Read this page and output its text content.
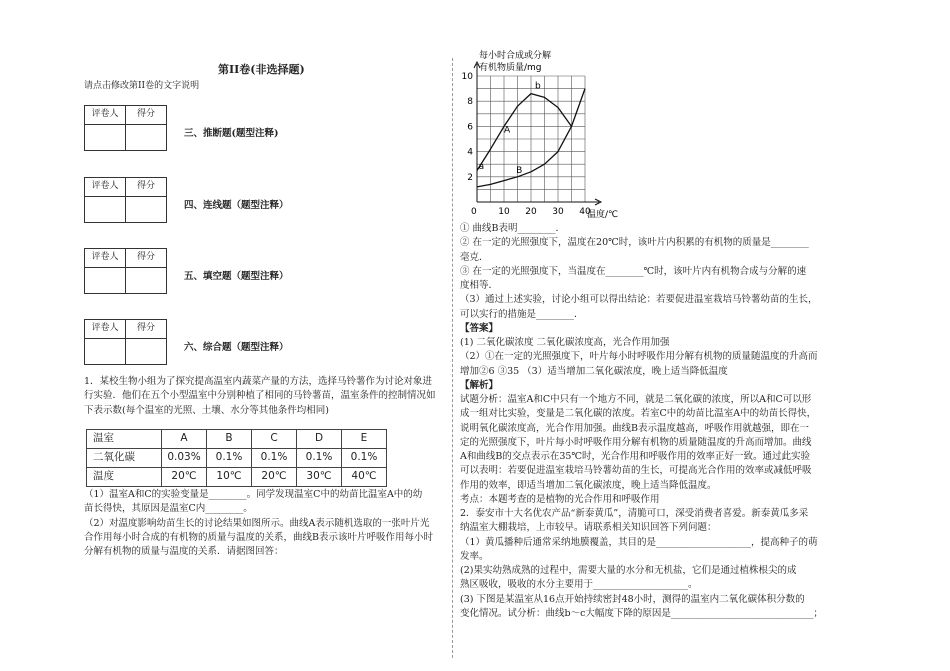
第II卷(非选择题)
请点击修改第II卷的文字说明
评卷人	得分

三、推断题(题型注释)
评卷人	得分

四、连线题（题型注释）
评卷人	得分

五、填空题（题型注释）
评卷人	得分

六、综合题（题型注释）
1．某校生物小组为了探究提高温室内蔬菜产量的方法，选择马铃薯作为讨论对象进
行实验．他们在五个小型温室中分别种植了相同的马铃薯苗，温室条件的控制情况如
下表示数(每个温室的光照、土壤、水分等其他条件均相同)
温室	A	B	C	D	E
二氧化碳	0.03%	0.1%	0.1%	0.1%	0.1%
温度	20℃	10℃	20℃	30℃	40℃
（1）温室A和C的实验变量是________。同学发现温室C中的幼苗比温室A中的幼
苗长得快，其原因是温室C内________。
（2）对温度影响幼苗生长的讨论结果如图所示。曲线A表示随机选取的一张叶片光
合作用每小时合成的有机物的质量与温度的关系，曲线B表示该叶片呼吸作用每小时
分解有机物的质量与温度的关系．请据图回答：
每小时合成或分解
有机物质量/mg
2
4
6
8
10
10 20 30 40
a
b
A
B
温度/℃
0
① 曲线B表明________．
② 在一定的光照强度下，温度在20℃时，该叶片内积累的有机物的质量是________
毫克．
③ 在一定的光照强度下，当温度在________℃时，该叶片内有机物合成与分解的速
度相等．
（3）通过上述实验，讨论小组可以得出结论：若要促进温室栽培马铃薯幼苗的生长，
可以实行的措施是________．
【答案】
(1) 二氧化碳浓度 二氧化碳浓度高，光合作用加强
（2）①在一定的光照强度下，叶片每小时呼吸作用分解有机物的质量随温度的升高而
增加②6 ③35 （3）适当增加二氧化碳浓度，晚上适当降低温度
【解析】
试题分析：温室A和C中只有一个地方不同，就是二氧化碳的浓度，所以A和C可以形
成一组对比实验，变量是二氧化碳的浓度。若室C中的幼苗比温室A中的幼苗长得快，
说明氧化碳浓度高，光合作用加强。曲线B表示温度越高，呼吸作用就越强，即在一
定的光照强度下，叶片每小时呼吸作用分解有机物的质量随温度的升高而增加。曲线
A和曲线B的交点表示在35℃时，光合作用和呼吸作用的效率正好一致。通过此实验
可以表明：若要促进温室栽培马铃薯幼苗的生长，可提高光合作用的效率或减低呼吸
作用的效率，即适当增加二氧化碳浓度，晚上适当降低温度。
考点：本题考查的是植物的光合作用和呼吸作用
2．泰安市十大名优农产品“新泰黄瓜”，清脆可口，深受消费者喜爱。新泰黄瓜多采
纳温室大棚栽培，上市较早。请联系相关知识回答下列问题：
（1）黄瓜播种后通常采纳地膜覆盖，其目的是____________________，提高种子的萌
发率。
(2)果实幼熟成熟的过程中，需要大量的水分和无机盐，它们是通过植株根尖的成
熟区吸收，吸收的水分主要用于____________________。
(3) 下图是某温室从16点开始持续密封48小时，测得的温室内二氧化碳体积分数的
变化情况。试分析：曲线b～c大幅度下降的原因是______________________________；
